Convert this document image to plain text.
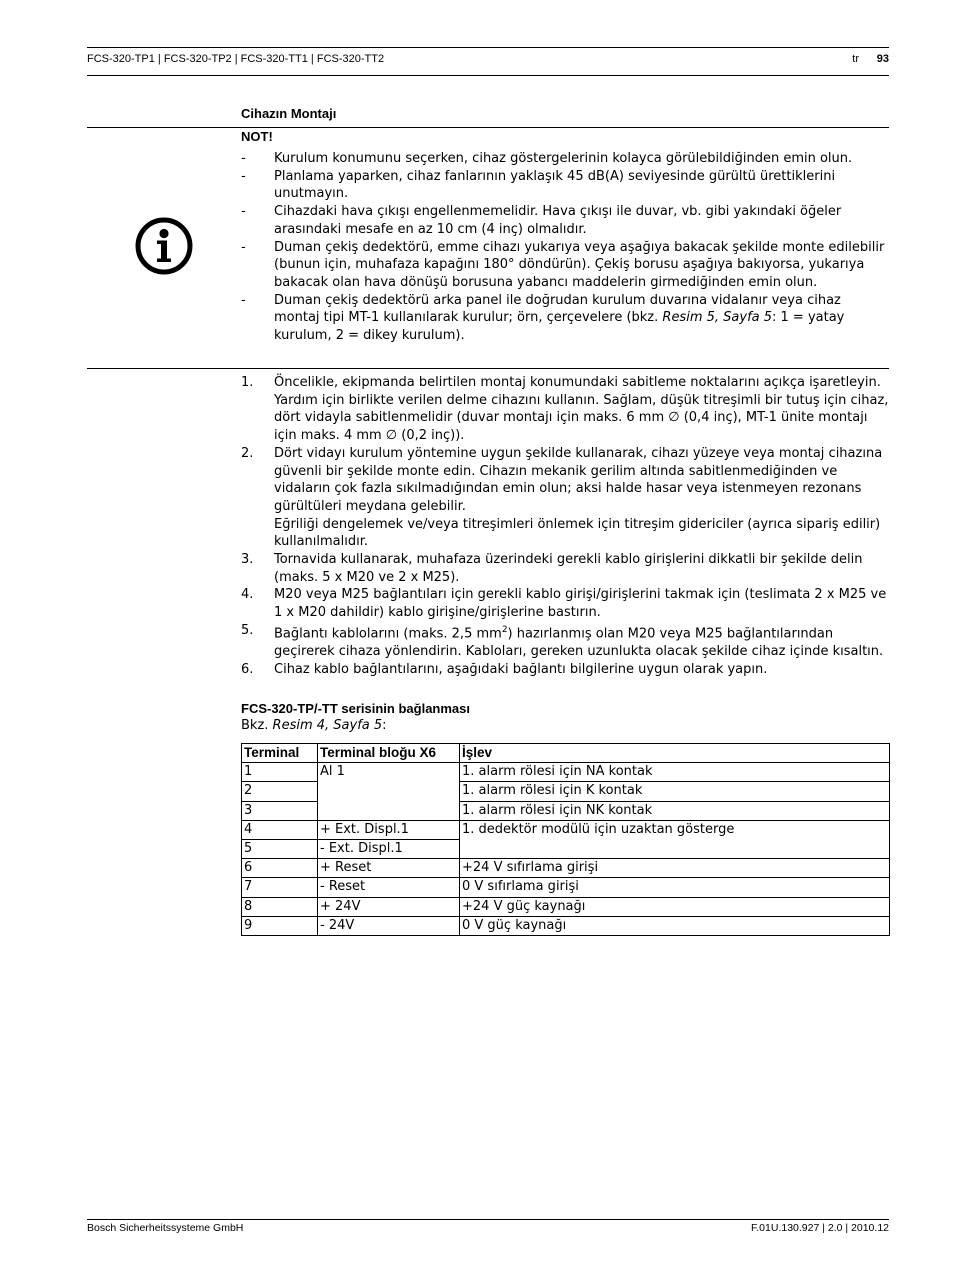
FCS-320-TP1 | FCS-320-TP2 | FCS-320-TT1 | FCS-320-TT2	tr 93
Cihazın Montajı
NOT!
- Kurulum konumunu seçerken, cihaz göstergelerinin kolayca görülebildiğinden emin olun.
- Planlama yaparken, cihaz fanlarının yaklaşık 45 dB(A) seviyesinde gürültü ürettiklerini unutmayın.
- Cihazdaki hava çıkışı engellenmemelidir. Hava çıkışı ile duvar, vb. gibi yakındaki öğeler arasındaki mesafe en az 10 cm (4 inç) olmalıdır.
- Duman çekiş dedektörü, emme cihazı yukarıya veya aşağıya bakacak şekilde monte edilebilir (bunun için, muhafaza kapağını 180° döndürün). Çekiş borusu aşağıya bakıyorsa, yukarıya bakacak olan hava dönüşü borusuna yabancı maddelerin girmediğinden emin olun.
- Duman çekiş dedektörü arka panel ile doğrudan kurulum duvarına vidalanır veya cihaz montaj tipi MT-1 kullanılarak kurulur; örn, çerçevelere (bkz. Resim 5, Sayfa 5: 1 = yatay kurulum, 2 = dikey kurulum).
1. Öncelikle, ekipmanda belirtilen montaj konumundaki sabitleme noktalarını açıkça işaretleyin. Yardım için birlikte verilen delme cihazını kullanın. Sağlam, düşük titreşimli bir tutuş için cihaz, dört vidayla sabitlenmelidir (duvar montajı için maks. 6 mm ∅ (0,4 inç), MT-1 ünite montajı için maks. 4 mm ∅ (0,2 inç)).
2. Dört vidayı kurulum yöntemine uygun şekilde kullanarak, cihazı yüzeye veya montaj cihazına güvenli bir şekilde monte edin. Cihazın mekanik gerilim altında sabitlenmediğinden ve vidaların çok fazla sıkılmadığından emin olun; aksi halde hasar veya istenmeyen rezonans gürültüleri meydana gelebilir.
Eğriliği dengelemek ve/veya titreşimleri önlemek için titreşim gidericiler (ayrıca sipariş edilir) kullanılmalıdır.
3. Tornavida kullanarak, muhafaza üzerindeki gerekli kablo girişlerini dikkatli bir şekilde delin (maks. 5 x M20 ve 2 x M25).
4. M20 veya M25 bağlantıları için gerekli kablo girişi/girişlerini takmak için (teslimata 2 x M25 ve 1 x M20 dahildir) kablo girişine/girişlerine bastırın.
5. Bağlantı kablolarını (maks. 2,5 $mm^2$) hazırlanmış olan M20 veya M25 bağlantılarından geçirerek cihaza yönlendirin. Kabloları, gereken uzunlukta olacak şekilde cihaz içinde kısaltın.
6. Cihaz kablo bağlantılarını, aşağıdaki bağlantı bilgilerine uygun olarak yapın.
FCS-320-TP/-TT serisinin bağlanması
Bkz. Resim 4, Sayfa 5:
Terminal	Terminal bloğu X6	İşlev
1	Al 1	1. alarm rölesi için NA kontak
2		1. alarm rölesi için K kontak
3		1. alarm rölesi için NK kontak
4	+ Ext. Displ.1	1. dedektör modülü için uzaktan gösterge
5	- Ext. Displ.1	
6	+ Reset	+24 V sıfırlama girişi
7	- Reset	0 V sıfırlama girişi
8	+ 24V	+24 V güç kaynağı
9	- 24V	0 V güç kaynağı
Bosch Sicherheitssysteme GmbH	F.01U.130.927 | 2.0 | 2010.12
